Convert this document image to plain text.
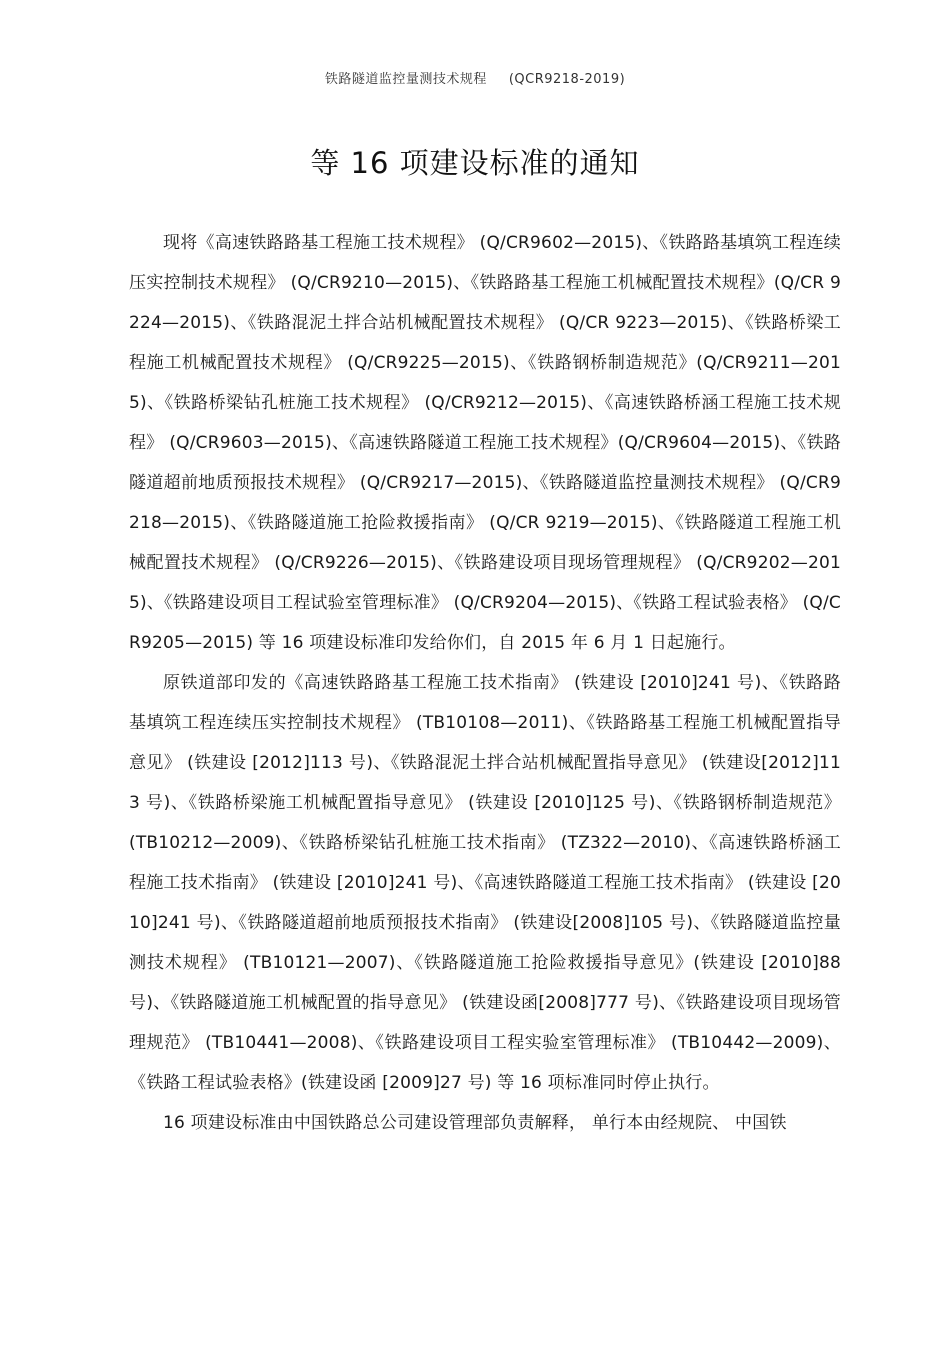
铁路隧道监控量测技术规程 (QCR9218-2019)
等 16 项建设标准的通知

现将《高速铁路路基工程施工技术规程》 (Q/CR9602—2015)、《铁路路基填筑工程连续压实控制技术规程》 (Q/CR9210—2015)、《铁路路基工程施工机械配置技术规程》(Q/CR 9224—2015)、《铁路混泥土拌合站机械配置技术规程》 (Q/CR 9223—2015)、《铁路桥梁工程施工机械配置技术规程》 (Q/CR9225—2015)、《铁路钢桥制造规范》(Q/CR9211—2015)、《铁路桥梁钻孔桩施工技术规程》 (Q/CR9212—2015)、《高速铁路桥涵工程施工技术规程》 (Q/CR9603—2015)、《高速铁路隧道工程施工技术规程》(Q/CR9604—2015)、《铁路隧道超前地质预报技术规程》 (Q/CR9217—2015)、《铁路隧道监控量测技术规程》 (Q/CR9218—2015)、《铁路隧道施工抢险救援指南》 (Q/CR 9219—2015)、《铁路隧道工程施工机械配置技术规程》 (Q/CR9226—2015)、《铁路建设项目现场管理规程》 (Q/CR9202—2015)、《铁路建设项目工程试验室管理标准》 (Q/CR9204—2015)、《铁路工程试验表格》 (Q/CR9205—2015) 等 16 项建设标准印发给你们，自 2015 年 6 月 1 日起施行。

原铁道部印发的《高速铁路路基工程施工技术指南》 (铁建设 [2010]241 号)、《铁路路基填筑工程连续压实控制技术规程》 (TB10108—2011)、《铁路路基工程施工机械配置指导意见》 (铁建设 [2012]113 号)、《铁路混泥土拌合站机械配置指导意见》 (铁建设[2012]113 号)、《铁路桥梁施工机械配置指导意见》 (铁建设 [2010]125 号)、《铁路钢桥制造规范》(TB10212—2009)、《铁路桥梁钻孔桩施工技术指南》 (TZ322—2010)、《高速铁路桥涵工程施工技术指南》 (铁建设 [2010]241 号)、《高速铁路隧道工程施工技术指南》 (铁建设 [2010]241 号)、《铁路隧道超前地质预报技术指南》 (铁建设[2008]105 号)、《铁路隧道监控量测技术规程》 (TB10121—2007)、《铁路隧道施工抢险救援指导意见》(铁建设 [2010]88 号)、《铁路隧道施工机械配置的指导意见》 (铁建设函[2008]777 号)、《铁路建设项目现场管理规范》 (TB10441—2008)、《铁路建设项目工程实验室管理标准》 (TB10442—2009)、《铁路工程试验表格》(铁建设函 [2009]27 号) 等 16 项标准同时停止执行。

16 项建设标准由中国铁路总公司建设管理部负责解释， 单行本由经规院、 中国铁
